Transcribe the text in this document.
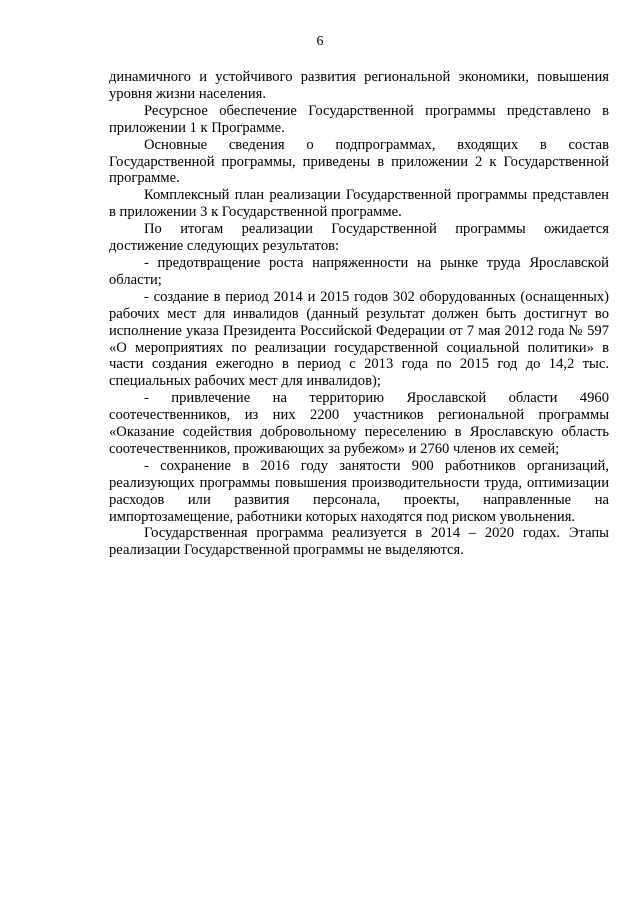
6

динамичного и устойчивого развития региональной экономики, повышения уровня жизни населения.

Ресурсное обеспечение Государственной программы представлено в приложении 1 к Программе.

Основные сведения о подпрограммах, входящих в состав Государственной программы, приведены в приложении 2 к Государственной программе.

Комплексный план реализации Государственной программы представлен в приложении 3 к Государственной программе.

По итогам реализации Государственной программы ожидается достижение следующих результатов:

- предотвращение роста напряженности на рынке труда Ярославской области;

- создание в период 2014 и 2015 годов 302 оборудованных (оснащенных) рабочих мест для инвалидов (данный результат должен быть достигнут во исполнение указа Президента Российской Федерации от 7 мая 2012 года № 597 «О мероприятиях по реализации государственной социальной политики» в части создания ежегодно в период с 2013 года по 2015 год до 14,2 тыс. специальных рабочих мест для инвалидов);

- привлечение на территорию Ярославской области 4960 соотечественников, из них 2200 участников региональной программы «Оказание содействия добровольному переселению в Ярославскую область соотечественников, проживающих за рубежом» и 2760 членов их семей;

- сохранение в 2016 году занятости 900 работников организаций, реализующих программы повышения производительности труда, оптимизации расходов или развития персонала, проекты, направленные на импортозамещение, работники которых находятся под риском увольнения.

Государственная программа реализуется в 2014 – 2020 годах. Этапы реализации Государственной программы не выделяются.
